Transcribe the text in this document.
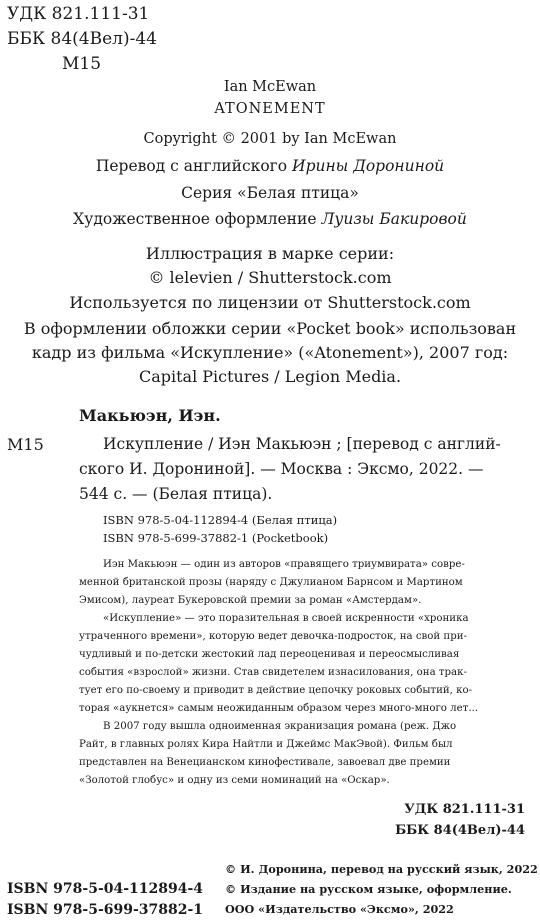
УДК 821.111-31
ББК 84(4Вел)-44
М15
Ian McEwan
ATONEMENT
Copyright © 2001 by Ian McEwan
Перевод с английского Ирины Дорониной
Серия «Белая птица»
Художественное оформление Луизы Бакировой
Иллюстрация в марке серии:
© lelevien / Shutterstock.com
Используется по лицензии от Shutterstock.com
В оформлении обложки серии «Pocket book» использован
кадр из фильма «Искупление» («Atonement»), 2007 год:
Capital Pictures / Legion Media.
Макьюэн, Иэн.
М15	Искупление / Иэн Макьюэн ; [перевод с англий-
ского И. Дорониной]. — Москва : Эксмо, 2022. —
544 с. — (Белая птица).
ISBN 978-5-04-112894-4 (Белая птица)
ISBN 978-5-699-37882-1 (Pocketbook)
Иэн Макьюэн — один из авторов «правящего триумвирата» совре-
менной британской прозы (наряду с Джулианом Барнсом и Мартином
Эмисом), лауреат Букеровской премии за роман «Амстердам».
«Искупление» — это поразительная в своей искренности «хроника
утраченного времени», которую ведет девочка-подросток, на свой при-
чудливый и по-детски жестокий лад переоценивая и переосмысливая
события «взрослой» жизни. Став свидетелем изнасилования, она трак-
тует его по-своему и приводит в действие цепочку роковых событий, ко-
торая «аукнется» самым неожиданным образом через много-много лет...
В 2007 году вышла одноименная экранизация романа (реж. Джо
Райт, в главных ролях Кира Найтли и Джеймс МакЭвой). Фильм был
представлен на Венецианском кинофестивале, завоевал две премии
«Золотой глобус» и одну из семи номинаций на «Оскар».
УДК 821.111-31
ББК 84(4Вел)-44
ISBN 978-5-04-112894-4
ISBN 978-5-699-37882-1
© И. Доронина, перевод на русский язык, 2022
© Издание на русском языке, оформление.
ООО «Издательство «Эксмо», 2022
